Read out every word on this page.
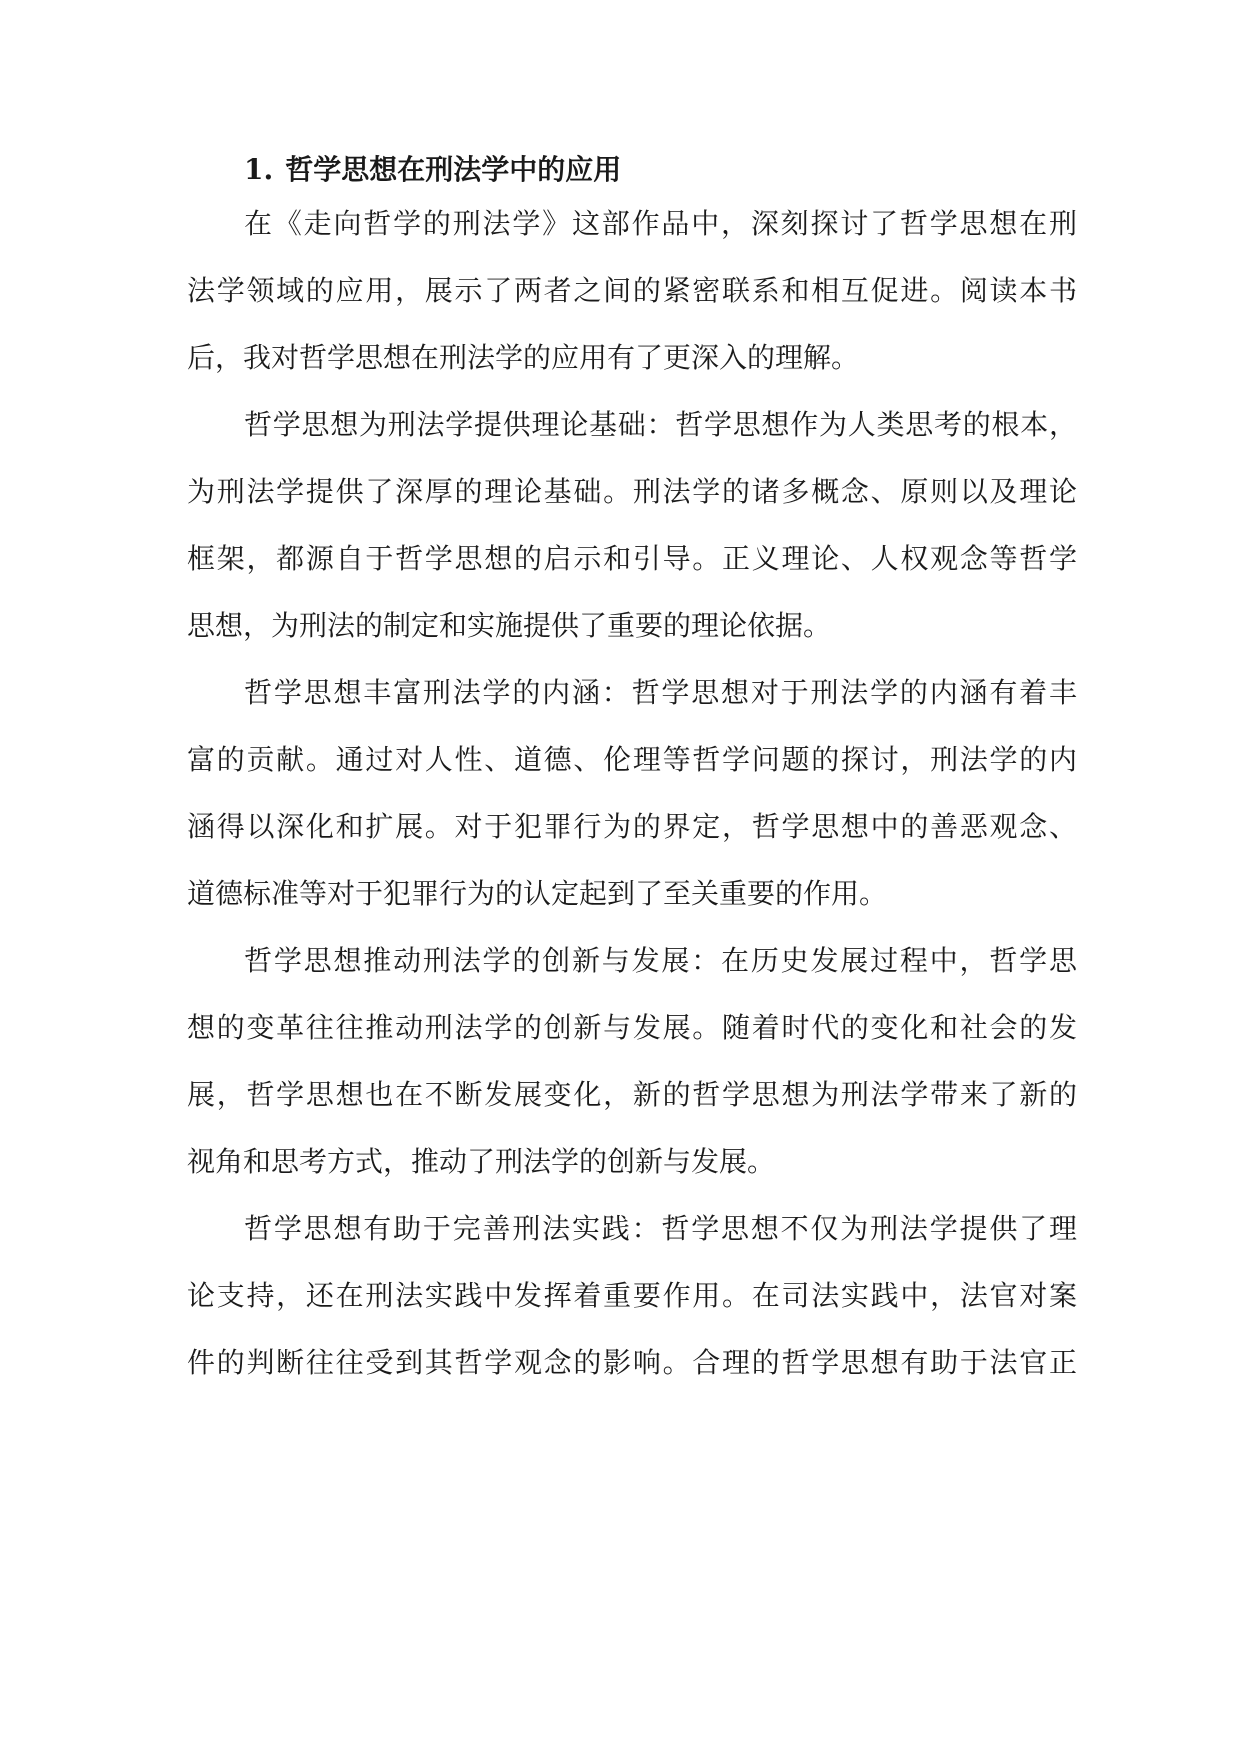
1. 哲学思想在刑法学中的应用

在《走向哲学的刑法学》这部作品中，深刻探讨了哲学思想在刑

法学领域的应用，展示了两者之间的紧密联系和相互促进。阅读本书

后，我对哲学思想在刑法学的应用有了更深入的理解。

哲学思想为刑法学提供理论基础：哲学思想作为人类思考的根本，

为刑法学提供了深厚的理论基础。刑法学的诸多概念、原则以及理论

框架，都源自于哲学思想的启示和引导。正义理论、人权观念等哲学

思想，为刑法的制定和实施提供了重要的理论依据。

哲学思想丰富刑法学的内涵：哲学思想对于刑法学的内涵有着丰

富的贡献。通过对人性、道德、伦理等哲学问题的探讨，刑法学的内

涵得以深化和扩展。对于犯罪行为的界定，哲学思想中的善恶观念、

道德标准等对于犯罪行为的认定起到了至关重要的作用。

哲学思想推动刑法学的创新与发展：在历史发展过程中，哲学思

想的变革往往推动刑法学的创新与发展。随着时代的变化和社会的发

展，哲学思想也在不断发展变化，新的哲学思想为刑法学带来了新的

视角和思考方式，推动了刑法学的创新与发展。

哲学思想有助于完善刑法实践：哲学思想不仅为刑法学提供了理

论支持，还在刑法实践中发挥着重要作用。在司法实践中，法官对案

件的判断往往受到其哲学观念的影响。合理的哲学思想有助于法官正
